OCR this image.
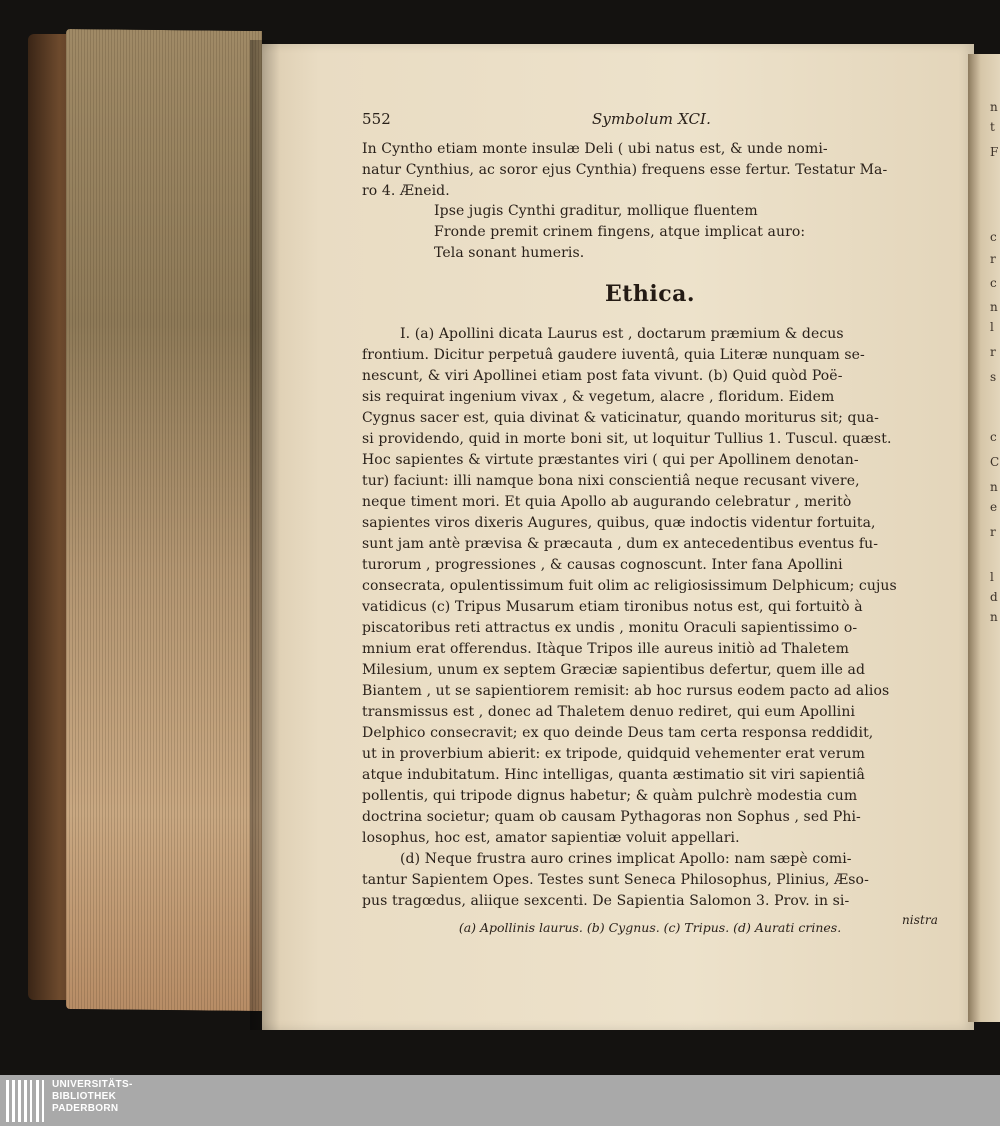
n
t
F
c
r
c
n
l
r
s
c
C
n
e
r
l
d
n
552	Symbolum XCI.
In Cyntho etiam monte insulæ Deli ( ubi natus est, & unde nomi-
natur Cynthius, ac soror ejus Cynthia) frequens esse fertur. Testatur Ma-
ro 4. Æneid.
Ipse jugis Cynthi graditur, mollique fluentem
Fronde premit crinem fingens, atque implicat auro:
Tela sonant humeris.
Ethica.
I. (a) Apollini dicata Laurus est , doctarum præmium & decus
frontium. Dicitur perpetuâ gaudere iuventâ, quia Literæ nunquam se-
nescunt, & viri Apollinei etiam post fata vivunt. (b) Quid quòd Poë-
sis requirat ingenium vivax , & vegetum, alacre , floridum. Eidem
Cygnus sacer est, quia divinat & vaticinatur, quando moriturus sit; qua-
si providendo, quid in morte boni sit, ut loquitur Tullius 1. Tuscul. quæst.
Hoc sapientes & virtute præstantes viri ( qui per Apollinem denotan-
tur) faciunt: illi namque bona nixi conscientiâ neque recusant vivere,
neque timent mori. Et quia Apollo ab augurando celebratur , meritò
sapientes viros dixeris Augures, quibus, quæ indoctis videntur fortuita,
sunt jam antè prævisa & præcauta , dum ex antecedentibus eventus fu-
turorum , progressiones , & causas cognoscunt. Inter fana Apollini
consecrata, opulentissimum fuit olim ac religiosissimum Delphicum; cujus
vatidicus (c) Tripus Musarum etiam tironibus notus est, qui fortuitò à
piscatoribus reti attractus ex undis , monitu Oraculi sapientissimo o-
mnium erat offerendus. Itàque Tripos ille aureus initiò ad Thaletem
Milesium, unum ex septem Græciæ sapientibus defertur, quem ille ad
Biantem , ut se sapientiorem remisit: ab hoc rursus eodem pacto ad alios
transmissus est , donec ad Thaletem denuo rediret, qui eum Apollini
Delphico consecravit; ex quo deinde Deus tam certa responsa reddidit,
ut in proverbium abierit: ex tripode, quidquid vehementer erat verum
atque indubitatum. Hinc intelligas, quanta æstimatio sit viri sapientiâ
pollentis, qui tripode dignus habetur; & quàm pulchrè modestia cum
doctrina societur; quam ob causam Pythagoras non Sophus , sed Phi-
losophus, hoc est, amator sapientiæ voluit appellari.
(d) Neque frustra auro crines implicat Apollo: nam sæpè comi-
tantur Sapientem Opes. Testes sunt Seneca Philosophus, Plinius, Æso-
pus tragœdus, aliique sexcenti. De Sapientia Salomon 3. Prov. in si-
nistra
(a) Apollinis laurus. (b) Cygnus. (c) Tripus. (d) Aurati crines.
UNIVERSITÄTS-
BIBLIOTHEK
PADERBORN
